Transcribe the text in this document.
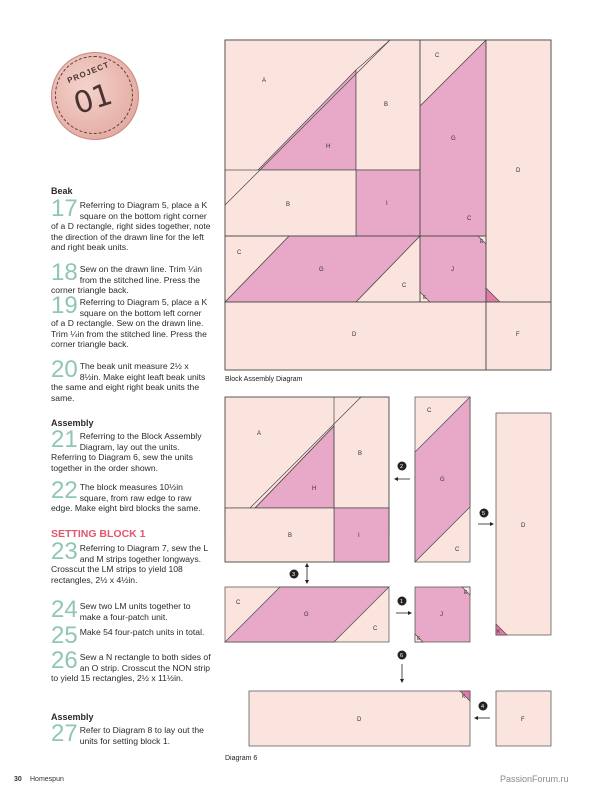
PROJECT
01
Beak
17 Referring to Diagram 5, place a K square on the bottom right corner of a D rectangle, right sides together, note the direction of the drawn line for the left and right beak units.
18 Sew on the drawn line. Trim ¼in from the stitched line. Press the corner triangle back.
19 Referring to Diagram 5, place a K square on the bottom left corner of a D rectangle. Sew on the drawn line. Trim ¼in from the stitched line. Press the corner triangle back.
20 The beak unit measure 2½ x 8½in. Make eight leaft beak units the same and eight right beak units the same.
Assembly
21 Referring to the Block Assembly Diagram, lay out the units. Referring to Diagram 6, sew the units together in the order shown.
22 The block measures 10½in square, from raw edge to raw edge. Make eight bird blocks the same.
SETTING BLOCK 1
23 Referring to Diagram 7, sew the L and M strips together longways. Crosscut the LM strips to yield 108 rectangles, 2½ x 4½in.
24 Sew two LM units together to make a four-patch unit.
25 Make 54 four-patch units in total.
26 Sew a N rectangle to both sides of an O strip. Crosscut the NON strip to yield 15 rectangles, 2½ x 11½in.
Assembly
27 Refer to Diagram 8 to lay out the units for setting block 1.
A
B
C
D
H
G
B	I
C
C
G
E
J
C
E
D	F
A
B
H
B	I
C
G
C
D
K
C
G
C
J
E
E
D
K
F
2
5
3
1
6
4
Block Assembly Diagram
Diagram 6
30 Homespun	PassionForum.ru
